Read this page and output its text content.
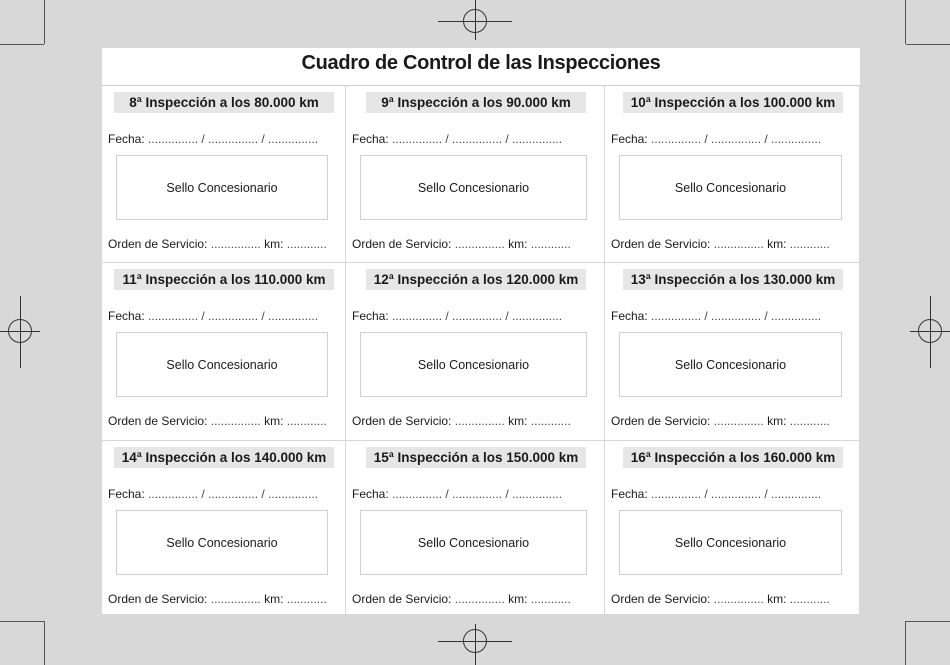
Cuadro de Control de las Inspecciones
8ª Inspección a los 80.000 km
Fecha: ............... / ............... / ...............
Sello Concesionario
Orden de Servicio: ............... km: ............
9ª Inspección a los 90.000 km
Fecha: ............... / ............... / ...............
Sello Concesionario
Orden de Servicio: ............... km: ............
10ª Inspección a los 100.000 km
Fecha: ............... / ............... / ...............
Sello Concesionario
Orden de Servicio: ............... km: ............
11ª Inspección a los 110.000 km
Fecha: ............... / ............... / ...............
Sello Concesionario
Orden de Servicio: ............... km: ............
12ª Inspección a los 120.000 km
Fecha: ............... / ............... / ...............
Sello Concesionario
Orden de Servicio: ............... km: ............
13ª Inspección a los 130.000 km
Fecha: ............... / ............... / ...............
Sello Concesionario
Orden de Servicio: ............... km: ............
14ª Inspección a los 140.000 km
Fecha: ............... / ............... / ...............
Sello Concesionario
Orden de Servicio: ............... km: ............
15ª Inspección a los 150.000 km
Fecha: ............... / ............... / ...............
Sello Concesionario
Orden de Servicio: ............... km: ............
16ª Inspección a los 160.000 km
Fecha: ............... / ............... / ...............
Sello Concesionario
Orden de Servicio: ............... km: ............
